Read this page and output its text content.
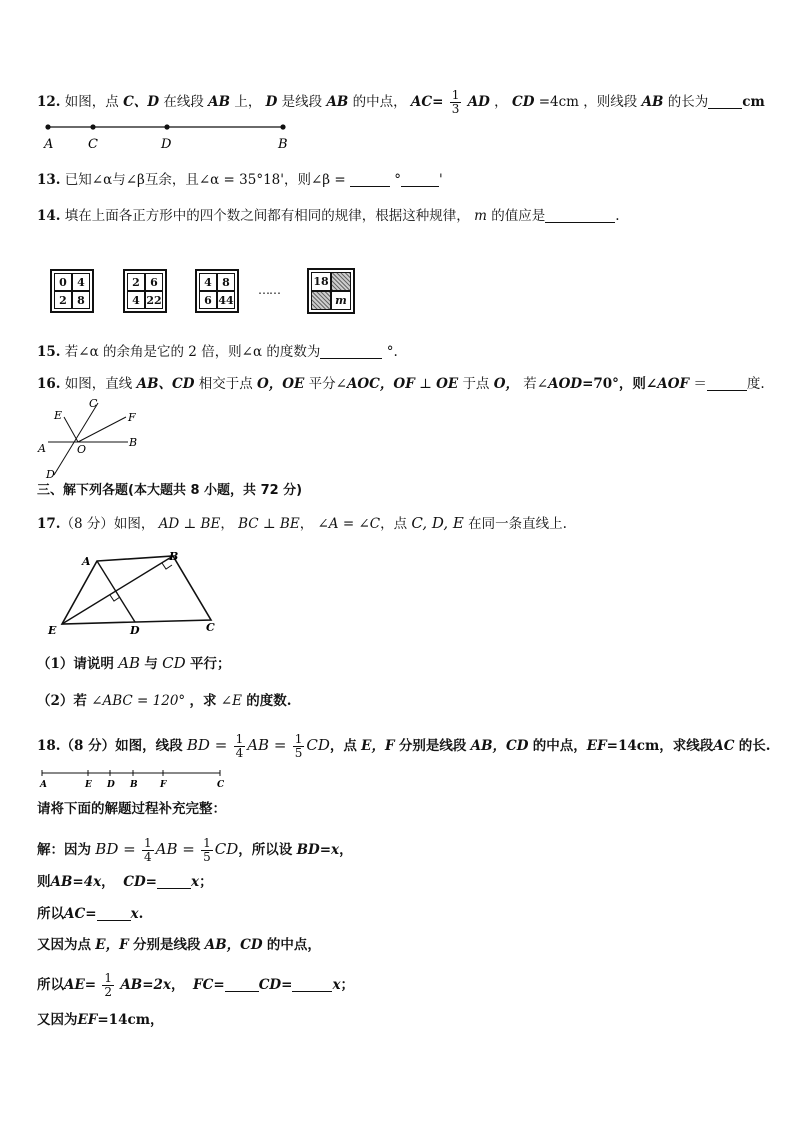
12. 如图，点 C、D 在线段 AB 上， D 是线段 AB 的中点， $AC= \frac{1}{3}$ AD ， CD =4cm ，则线段 AB 的长为	cm
A	C	D	B
13. 已知∠α与∠β互余，且∠α = 35°18'，则∠β =	°	'
14. 填在上面各正方形中的四个数之间都有相同的规律，根据这种规律， m 的值应是	.
0 4
2 8
2 6
4 22
4 8
6 44
……
18
m
15. 若∠α 的余角是它的 2 倍，则∠α 的度数为	°.
16. 如图，直线 AB、CD 相交于点 O，OE 平分∠AOC，OF ⊥ OE 于点 O， 若∠AOD=70°，则∠AOF ＝	度.
E
C
F
A	O
B
D
三、解下列各题(本大题共 8 小题，共 72 分)
17.（8 分）如图， AD ⊥ BE， BC ⊥ BE， ∠A = ∠C，点 C, D, E 在同一条直线上.
A	B
E	D	C
（1）请说明 AB 与 CD 平行；
（2）若 ∠ABC = 120° ，求 ∠E 的度数.
18.（8 分）如图，线段 BD = $\frac{1}{4}$ AB = $\frac{1}{5}$ CD，点 E，F 分别是线段 AB，CD 的中点，EF=14cm，求线段AC 的长.
A	E D B F	C
请将下面的解题过程补充完整：
解：因为 BD = $\frac{1}{4}$ AB = $\frac{1}{5}$ CD，所以设 BD=x，
则AB=4x， CD=	x；
所以AC=	x.
又因为点 E，F 分别是线段 AB，CD 的中点，
所以$AE= \frac{1}{2} AB=2x$， FC=	CD=	x；
又因为EF=14cm，
